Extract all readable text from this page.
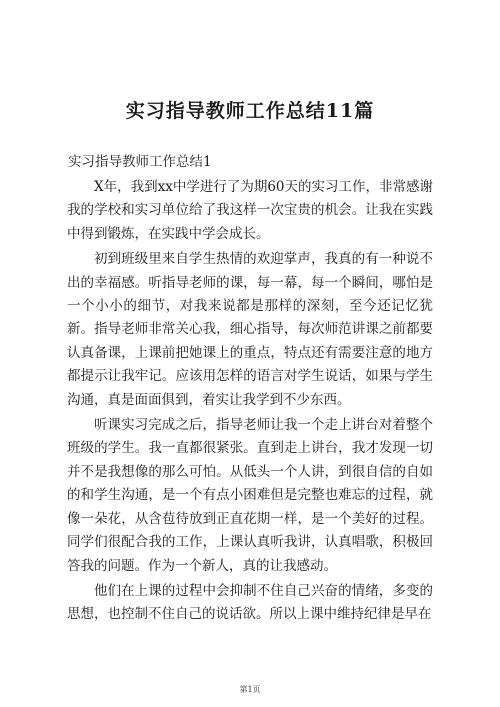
实习指导教师工作总结11篇

实习指导教师工作总结1

X年，我到xx中学进行了为期60天的实习工作，非常感谢我的学校和实习单位给了我这样一次宝贵的机会。让我在实践中得到锻炼，在实践中学会成长。

初到班级里来自学生热情的欢迎掌声，我真的有一种说不出的幸福感。听指导老师的课，每一幕，每一个瞬间，哪怕是一个小小的细节，对我来说都是那样的深刻，至今还记忆犹新。指导老师非常关心我，细心指导，每次师范讲课之前都要认真备课，上课前把她课上的重点，特点还有需要注意的地方都提示让我牢记。应该用怎样的语言对学生说话，如果与学生沟通，真是面面俱到，着实让我学到不少东西。

听课实习完成之后，指导老师让我一个走上讲台对着整个班级的学生。我一直都很紧张。直到走上讲台，我才发现一切并不是我想像的那么可怕。从低头一个人讲，到很自信的自如的和学生沟通，是一个有点小困难但是完整也难忘的过程，就像一朵花，从含苞待放到正直花期一样，是一个美好的过程。同学们很配合我的工作，上课认真听我讲，认真唱歌，积极回答我的问题。作为一个新人，真的让我感动。

他们在上课的过程中会抑制不住自己兴奋的情绪，多变的思想，也控制不住自己的说话欲。所以上课中维持纪律是早在

第1页
